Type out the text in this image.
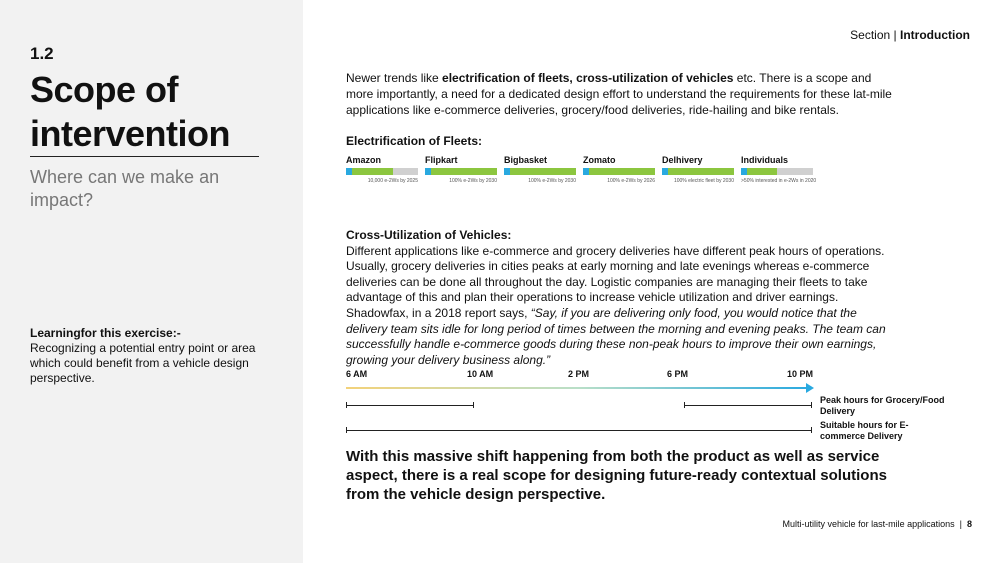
1.2
Scope of
intervention
Where can we make an impact?
Learningfor this exercise:-
Recognizing a potential entry point or area which could benefit from a vehicle design perspective.
Section | Introduction
Newer trends like electrification of fleets, cross-utilization of vehicles etc. There is a scope and more importantly, a need for a dedicated design effort to understand the requirements for these lat-mile applications like e-commerce deliveries, grocery/food deliveries, ride-hailing and bike rentals.
Electrification of Fleets:
Amazon
10,000 e-2Ws by 2025
Flipkart
100% e-2Ws by 2030
Bigbasket
100% e-2Ws by 2030
Zomato
100% e-2Ws by 2026
Delhivery
100% electric fleet by 2030
Individuals
>50% interested in e-2Ws in 2020
Cross-Utilization of Vehicles:
Different applications like e-commerce and grocery deliveries have different peak hours of operations. Usually, grocery deliveries in cities peaks at early morning and late evenings whereas e-commerce deliveries can be done all throughout the day. Logistic companies are managing their fleets to take advantage of this and plan their operations to increase vehicle utilization and driver earnings. Shadowfax, in a 2018 report says, “Say, if you are delivering only food, you would notice that the delivery team sits idle for long period of times between the morning and evening peaks. The team can successfully handle e-commerce goods during these non-peak hours to improve their own earnings, growing your delivery business along.”
6 AM	10 AM	2 PM	6 PM	10 PM
Peak hours for Grocery/Food Delivery
Suitable hours for E-commerce Delivery
With this massive shift happening from both the product as well as service aspect, there is a real scope for designing future-ready contextual solutions from the vehicle design perspective.
Multi-utility vehicle for last-mile applications | 8
